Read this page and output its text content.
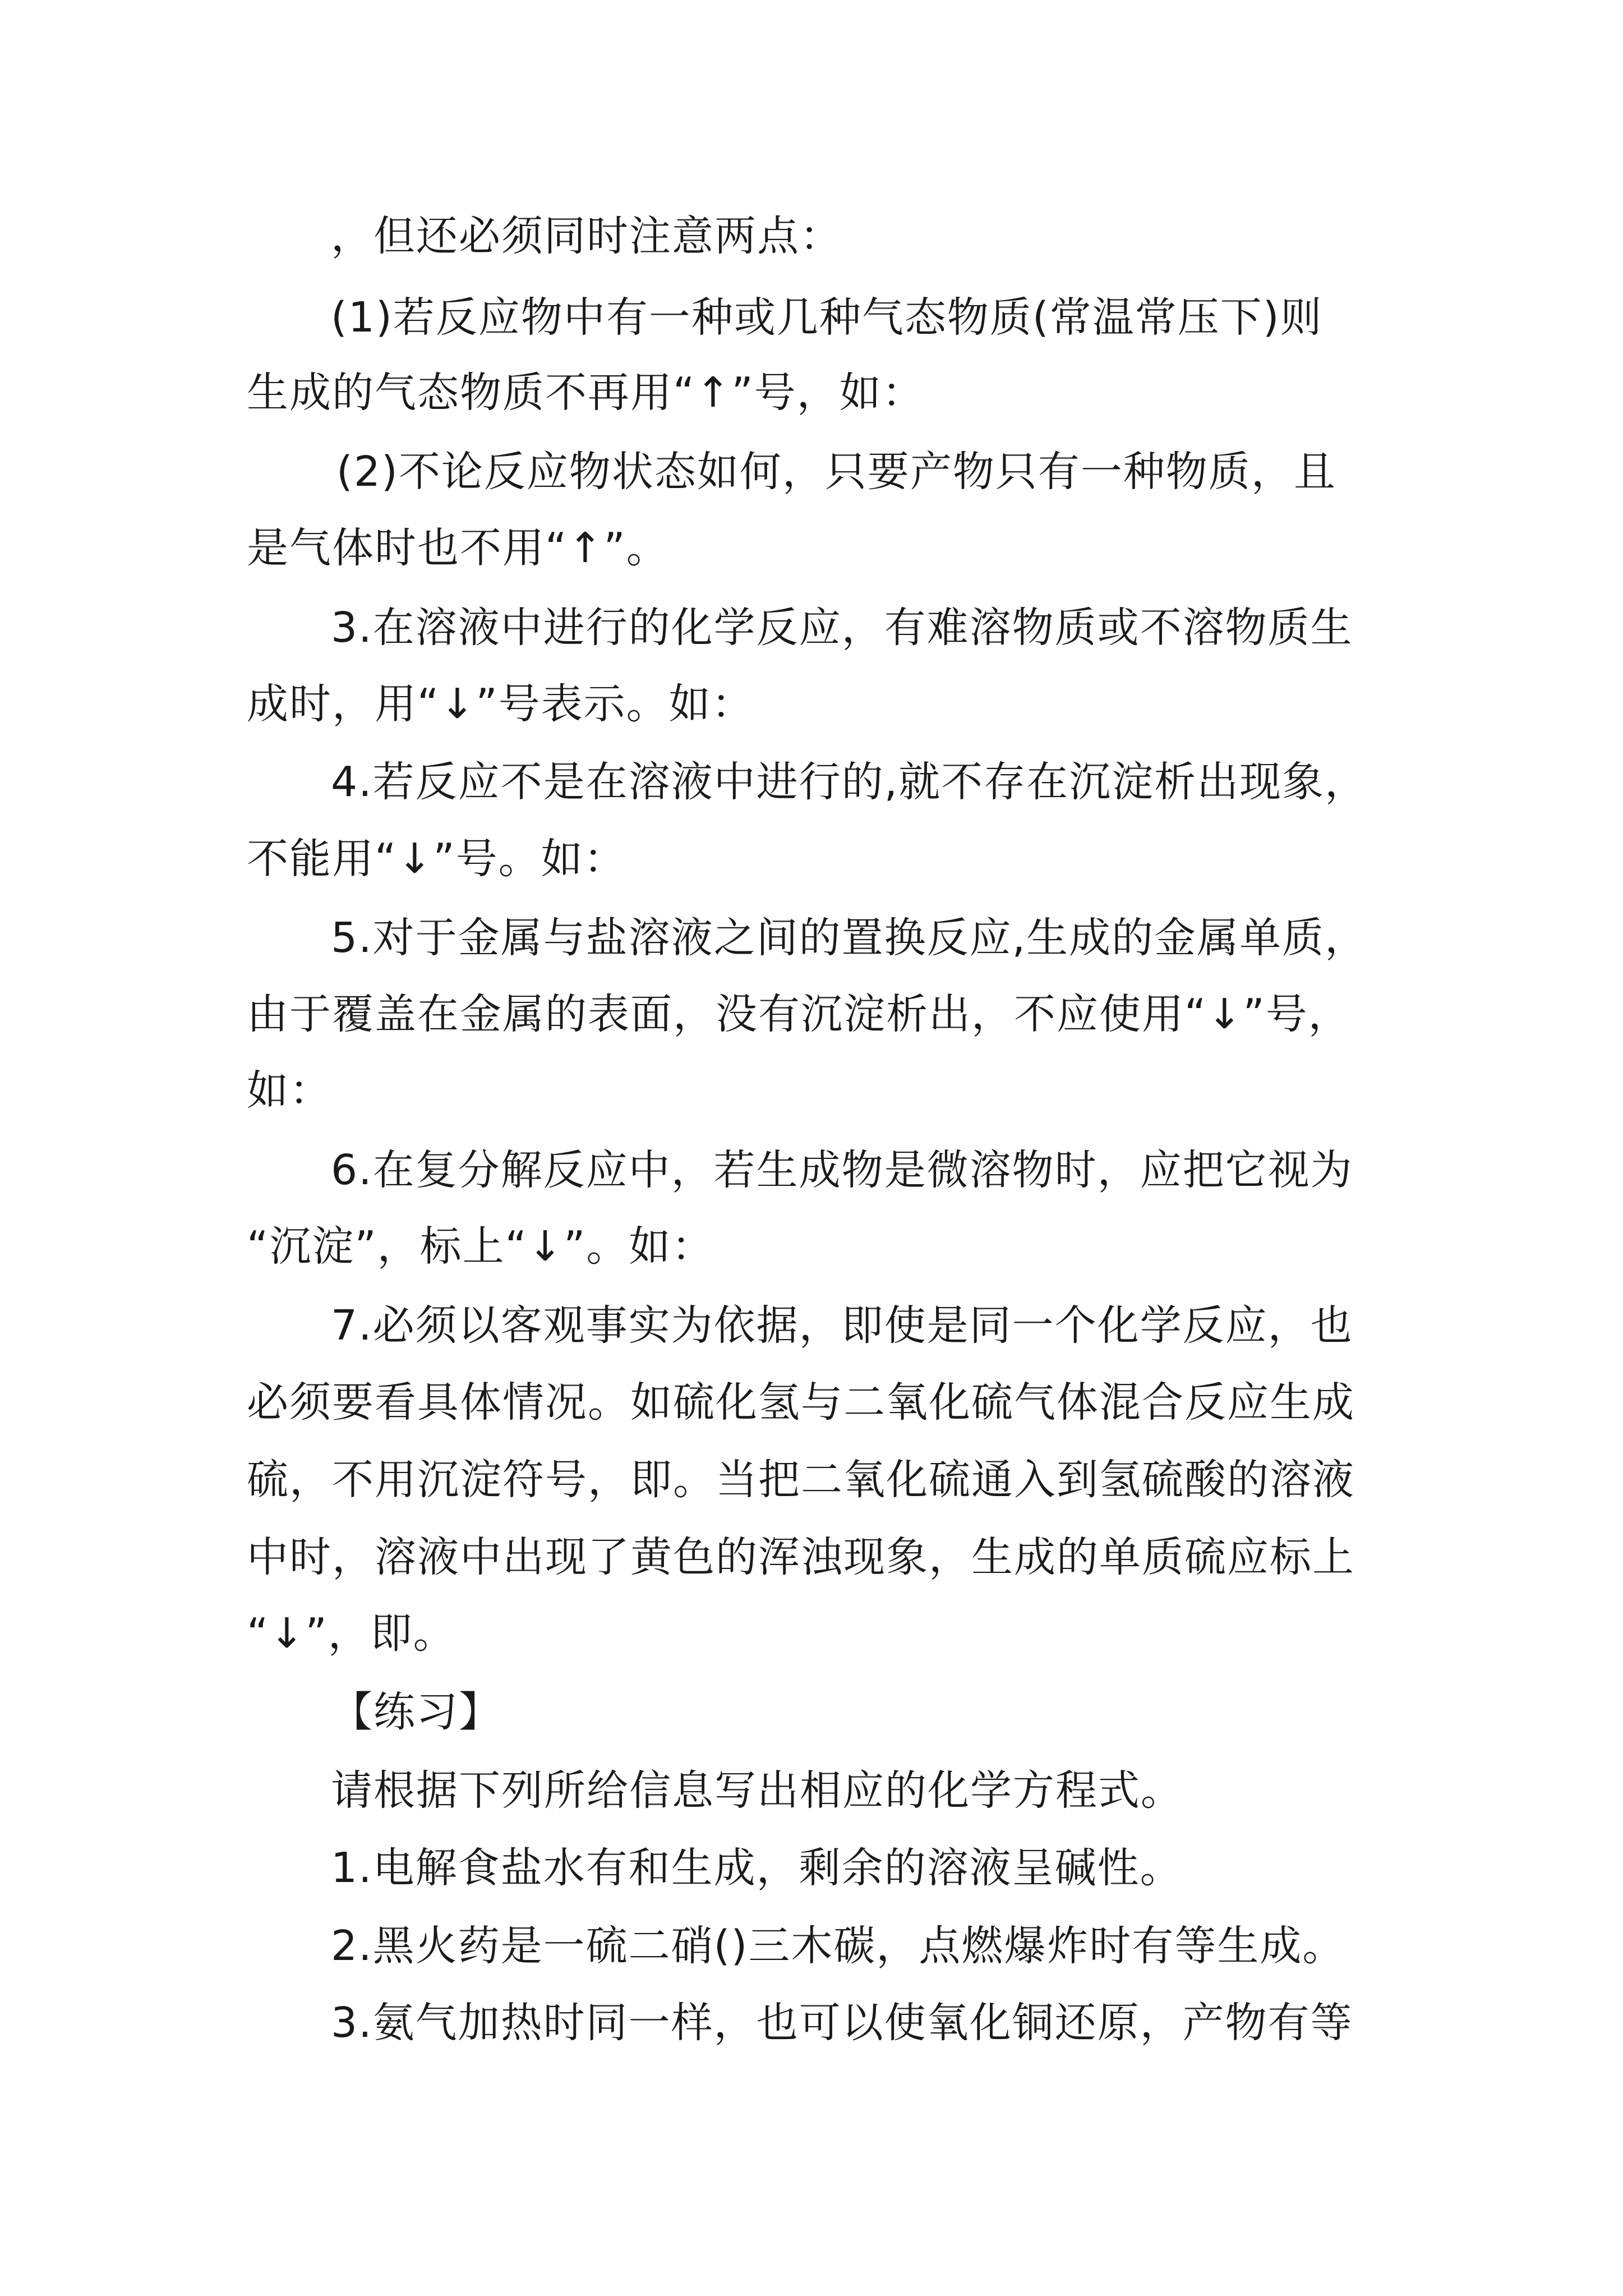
，但还必须同时注意两点：
(1)若反应物中有一种或几种气态物质(常温常压下)则
生成的气态物质不再用“↑”号，如：
(2)不论反应物状态如何，只要产物只有一种物质，且
是气体时也不用“↑”。
3.在溶液中进行的化学反应，有难溶物质或不溶物质生
成时，用“↓”号表示。如：
4.若反应不是在溶液中进行的,就不存在沉淀析出现象，
不能用“↓”号。如：
5.对于金属与盐溶液之间的置换反应,生成的金属单质，
由于覆盖在金属的表面，没有沉淀析出，不应使用“↓”号，
如：
6.在复分解反应中，若生成物是微溶物时，应把它视为
“沉淀”，标上“↓”。如：
7.必须以客观事实为依据，即使是同一个化学反应，也
必须要看具体情况。如硫化氢与二氧化硫气体混合反应生成
硫，不用沉淀符号，即。当把二氧化硫通入到氢硫酸的溶液
中时，溶液中出现了黄色的浑浊现象，生成的单质硫应标上
“↓”，即。
【练习】
请根据下列所给信息写出相应的化学方程式。
1.电解食盐水有和生成，剩余的溶液呈碱性。
2.黑火药是一硫二硝()三木碳，点燃爆炸时有等生成。
3.氨气加热时同一样，也可以使氧化铜还原，产物有等
